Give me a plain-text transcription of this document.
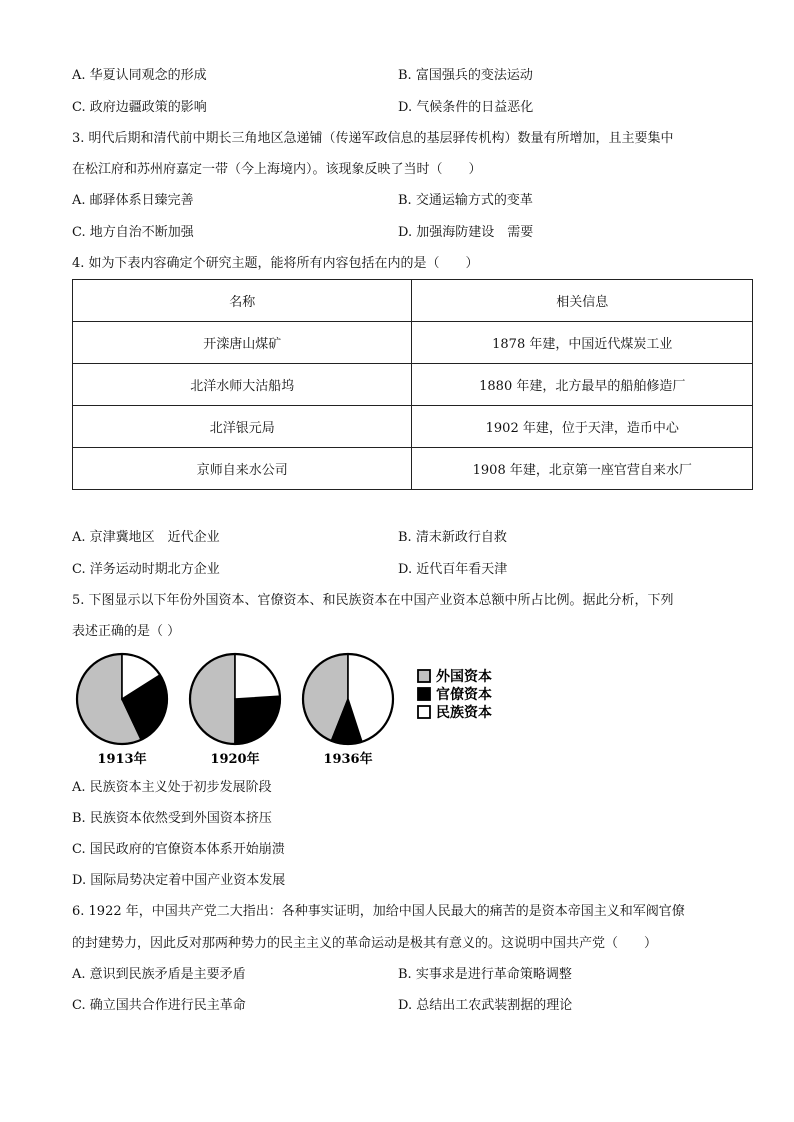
A. 华夏认同观念的形成	B. 富国强兵的变法运动
C. 政府边疆政策的影响	D. 气候条件的日益恶化
3. 明代后期和清代前中期长三角地区急递铺（传递军政信息的基层驿传机构）数量有所增加，且主要集中
在松江府和苏州府嘉定一带（今上海境内）。该现象反映了当时（　　）
A. 邮驿体系日臻完善	B. 交通运输方式的变革
C. 地方自治不断加强	D. 加强海防建设　需要
4. 如为下表内容确定个研究主题，能将所有内容包括在内的是（　　）
名称	相关信息
开滦唐山煤矿	1878 年建，中国近代煤炭工业
北洋水师大沽船坞	1880 年建，北方最早的船舶修造厂
北洋银元局	1902 年建，位于天津，造币中心
京师自来水公司	1908 年建，北京第一座官营自来水厂
A. 京津冀地区　近代企业	B. 清末新政行自救
C. 洋务运动时期北方企业	D. 近代百年看天津
5. 下图显示以下年份外国资本、官僚资本、和民族资本在中国产业资本总额中所占比例。据此分析，下列
表述正确的是（ ）
1913年	1920年	1936年
外国资本
官僚资本
民族资本
A. 民族资本主义处于初步发展阶段
B. 民族资本依然受到外国资本挤压
C. 国民政府的官僚资本体系开始崩溃
D. 国际局势决定着中国产业资本发展
6. 1922 年，中国共产党二大指出：各种事实证明，加给中国人民最大的痛苦的是资本帝国主义和军阀官僚
的封建势力，因此反对那两种势力的民主主义的革命运动是极其有意义的。这说明中国共产党（　　）
A. 意识到民族矛盾是主要矛盾	B. 实事求是进行革命策略调整
C. 确立国共合作进行民主革命	D. 总结出工农武装割据的理论
